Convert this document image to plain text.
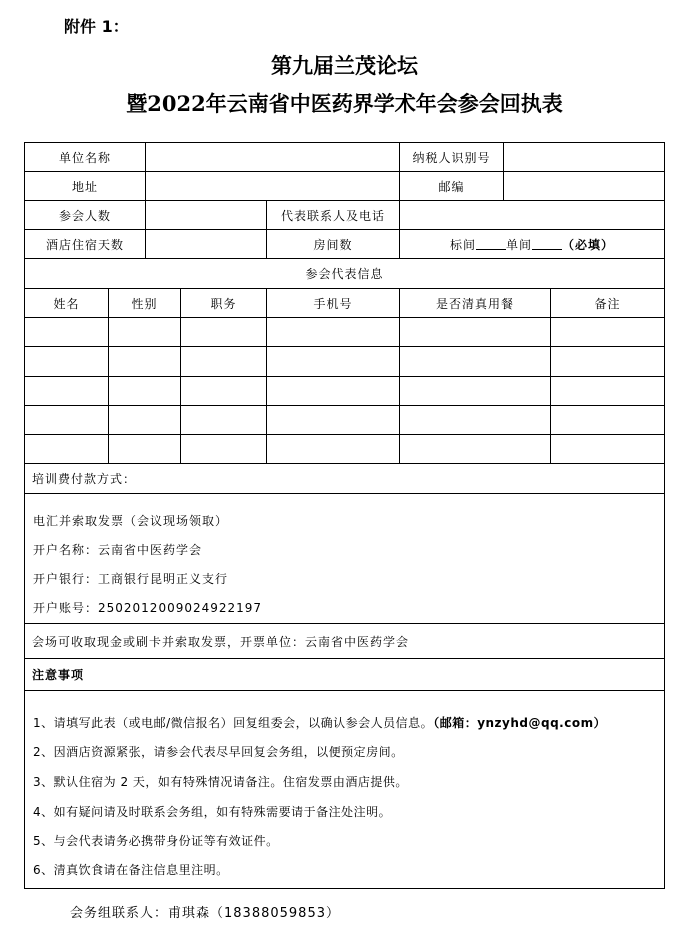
附件 1：
第九届兰茂论坛
暨2022年云南省中医药界学术年会参会回执表
单位名称	纳税人识别号
地址	邮编
参会人数	代表联系人及电话
酒店住宿天数	房间数	标间	单间	（必填）
参会代表信息
姓名	性别	职务	手机号	是否清真用餐	备注
培训费付款方式：
电汇并索取发票（会议现场领取）
开户名称：云南省中医药学会
开户银行：工商银行昆明正义支行
开户账号：2502012009024922197
会场可收取现金或刷卡并索取发票，开票单位：云南省中医药学会
注意事项
1、请填写此表（或电邮/微信报名）回复组委会，以确认参会人员信息。（邮箱：ynzyhd@qq.com）
2、因酒店资源紧张，请参会代表尽早回复会务组，以便预定房间。
3、默认住宿为 2 天，如有特殊情况请备注。住宿发票由酒店提供。
4、如有疑问请及时联系会务组，如有特殊需要请于备注处注明。
5、与会代表请务必携带身份证等有效证件。
6、清真饮食请在备注信息里注明。
会务组联系人：甫琪森（18388059853）
